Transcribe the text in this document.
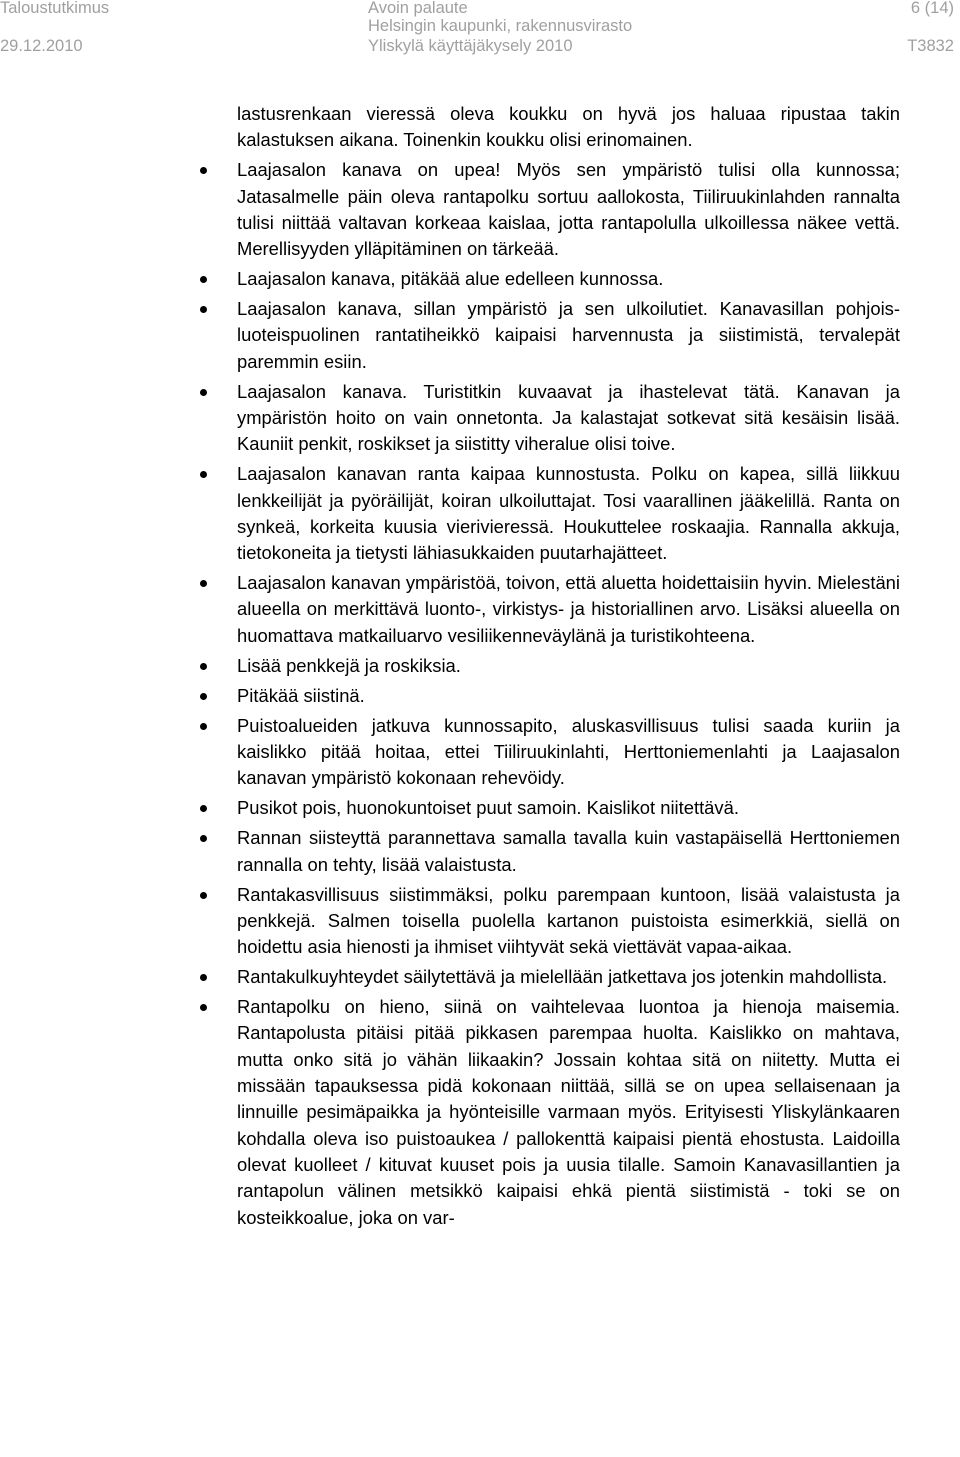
Taloustutkimus
29.12.2010
Avoin palaute
Helsingin kaupunki, rakennusvirasto
Yliskylä käyttäjäkysely 2010
6 (14)
T3832

lastusrenkaan vieressä oleva koukku on hyvä jos haluaa ripustaa takin kalastuksen aikana. Toinenkin koukku olisi erinomainen.

Laajasalon kanava on upea! Myös sen ympäristö tulisi olla kunnossa; Jatasalmelle päin oleva rantapolku sortuu aallokosta, Tiiliruukinlahden rannalta tulisi niittää valtavan korkeaa kaislaa, jotta rantapolulla ulkoillessa näkee vettä. Merellisyyden ylläpitäminen on tärkeää.

Laajasalon kanava, pitäkää alue edelleen kunnossa.

Laajasalon kanava, sillan ympäristö ja sen ulkoilutiet. Kanavasillan pohjois- luoteispuolinen rantatiheikkö kaipaisi harvennusta ja siistimistä, tervalepät paremmin esiin.

Laajasalon kanava. Turistitkin kuvaavat ja ihastelevat tätä. Kanavan ja ympäristön hoito on vain onnetonta. Ja kalastajat sotkevat sitä kesäisin lisää. Kauniit penkit, roskikset ja siistitty viheralue olisi toive.

Laajasalon kanavan ranta kaipaa kunnostusta. Polku on kapea, sillä liikkuu lenkkeilijät ja pyöräilijät, koiran ulkoiluttajat. Tosi vaarallinen jääkelillä. Ranta on synkeä, korkeita kuusia vierivieressä. Houkuttelee roskaajia. Rannalla akkuja, tietokoneita ja tietysti lähiasukkaiden puutarhajätteet.

Laajasalon kanavan ympäristöä, toivon, että aluetta hoidettaisiin hyvin. Mielestäni alueella on merkittävä luonto-, virkistys- ja historiallinen arvo. Lisäksi alueella on huomattava matkailuarvo vesiliikenneväylänä ja turistikohteena.

Lisää penkkejä ja roskiksia.

Pitäkää siistinä.

Puistoalueiden jatkuva kunnossapito, aluskasvillisuus tulisi saada kuriin ja kaislikko pitää hoitaa, ettei Tiiliruukinlahti, Herttoniemenlahti ja Laajasalon kanavan ympäristö kokonaan rehevöidy.

Pusikot pois, huonokuntoiset puut samoin. Kaislikot niitettävä.

Rannan siisteyttä parannettava samalla tavalla kuin vastapäisellä Herttoniemen rannalla on tehty, lisää valaistusta.

Rantakasvillisuus siistimmäksi, polku parempaan kuntoon, lisää valaistusta ja penkkejä. Salmen toisella puolella kartanon puistoista esimerkkiä, siellä on hoidettu asia hienosti ja ihmiset viihtyvät sekä viettävät vapaa-aikaa.

Rantakulkuyhteydet säilytettävä ja mielellään jatkettava jos jotenkin mahdollista.

Rantapolku on hieno, siinä on vaihtelevaa luontoa ja hienoja maisemia. Rantapolusta pitäisi pitää pikkasen parempaa huolta. Kaislikko on mahtava, mutta onko sitä jo vähän liikaakin? Jossain kohtaa sitä on niitetty. Mutta ei missään tapauksessa pidä kokonaan niittää, sillä se on upea sellaisenaan ja linnuille pesimäpaikka ja hyönteisille varmaan myös. Erityisesti Yliskylänkaaren kohdalla oleva iso puistoaukea / pallokenttä kaipaisi pientä ehostusta. Laidoilla olevat kuolleet / kituvat kuuset pois ja uusia tilalle. Samoin Kanavasillantien ja rantapolun välinen metsikkö kaipaisi ehkä pientä siistimistä - toki se on kosteikkoalue, joka on var-
